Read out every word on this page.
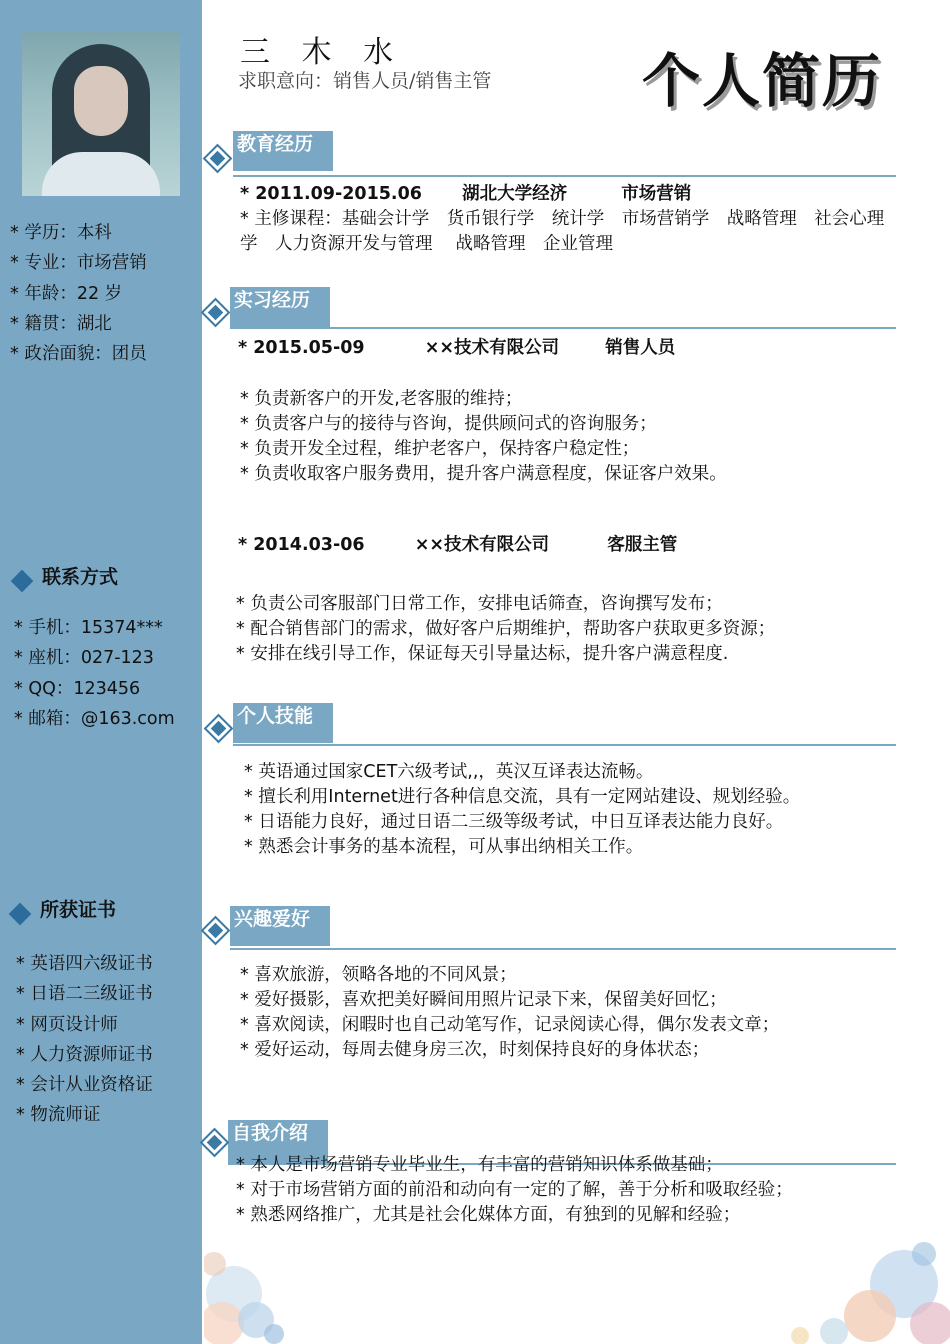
* 学历：本科
* 专业：市场营销
* 年龄：22 岁
* 籍贯：湖北
* 政治面貌：团员
联系方式
* 手机：15374***
* 座机：027-123
* QQ：123456
* 邮箱：@163.com
所获证书
* 英语四六级证书
* 日语二三级证书
* 网页设计师
* 人力资源师证书
* 会计从业资格证
* 物流师证
三 木 水
求职意向：销售人员/销售主管	个人简历
教育经历
* 2011.09-2015.06 湖北大学经济	市场营销
* 主修课程：基础会计学　货币银行学　统计学　市场营销学　战略管理　社会心理学　人力资源开发与管理　 战略管理　企业管理
实习经历
* 2015.05-09	××技术有限公司	销售人员
* 负责新客户的开发,老客服的维持；
* 负责客户与的接待与咨询，提供顾问式的咨询服务；
* 负责开发全过程，维护老客户，保持客户稳定性；
* 负责收取客户服务费用，提升客户满意程度，保证客户效果。
* 2014.03-06	××技术有限公司	客服主管
* 负责公司客服部门日常工作，安排电话筛查，咨询撰写发布；
* 配合销售部门的需求，做好客户后期维护，帮助客户获取更多资源；
* 安排在线引导工作，保证每天引导量达标，提升客户满意程度.
个人技能
* 英语通过国家CET六级考试,,，英汉互译表达流畅。
* 擅长利用Internet进行各种信息交流，具有一定网站建设、规划经验。
* 日语能力良好，通过日语二三级等级考试，中日互译表达能力良好。
* 熟悉会计事务的基本流程，可从事出纳相关工作。
兴趣爱好
* 喜欢旅游，领略各地的不同风景；
* 爱好摄影，喜欢把美好瞬间用照片记录下来，保留美好回忆；
* 喜欢阅读，闲暇时也自己动笔写作，记录阅读心得，偶尔发表文章；
* 爱好运动，每周去健身房三次，时刻保持良好的身体状态；
自我介绍
* 本人是市场营销专业毕业生，有丰富的营销知识体系做基础；
* 对于市场营销方面的前沿和动向有一定的了解，善于分析和吸取经验；
* 熟悉网络推广，尤其是社会化媒体方面，有独到的见解和经验；
